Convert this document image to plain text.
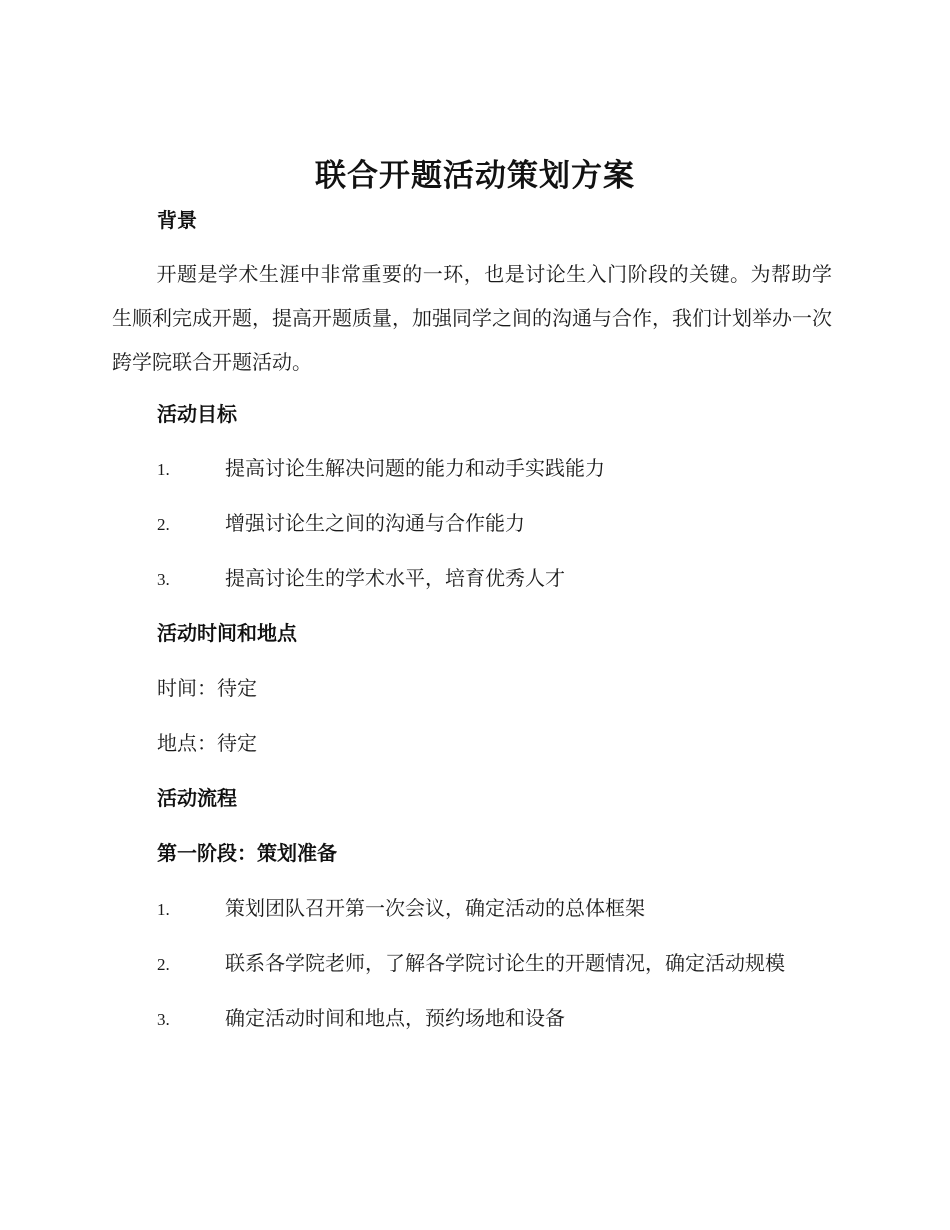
联合开题活动策划方案
背景
开题是学术生涯中非常重要的一环，也是讨论生入门阶段的关键。为帮助学生顺利完成开题，提高开题质量，加强同学之间的沟通与合作，我们计划举办一次跨学院联合开题活动。
活动目标
1.	提高讨论生解决问题的能力和动手实践能力
2.	增强讨论生之间的沟通与合作能力
3.	提高讨论生的学术水平，培育优秀人才
活动时间和地点
时间：待定
地点：待定
活动流程
第一阶段：策划准备
1.	策划团队召开第一次会议，确定活动的总体框架
2.	联系各学院老师，了解各学院讨论生的开题情况，确定活动规模
3.	确定活动时间和地点，预约场地和设备
